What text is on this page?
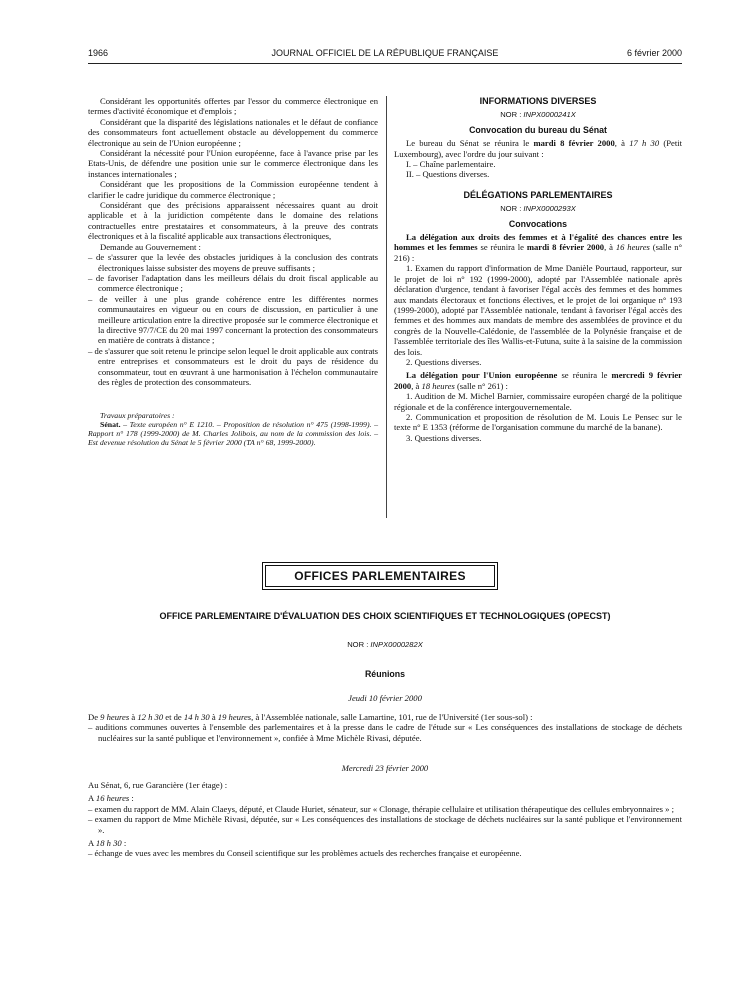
1966	JOURNAL OFFICIEL DE LA RÉPUBLIQUE FRANÇAISE	6 février 2000

Considérant les opportunités offertes par l'essor du commerce électronique en termes d'activité économique et d'emplois ;

Considérant que la disparité des législations nationales et le défaut de confiance des consommateurs font actuellement obstacle au développement du commerce électronique au sein de l'Union européenne ;

Considérant la nécessité pour l'Union européenne, face à l'avance prise par les Etats-Unis, de défendre une position unie sur le commerce électronique dans les instances internationales ;

Considérant que les propositions de la Commission européenne tendent à clarifier le cadre juridique du commerce électronique ;

Considérant que des précisions apparaissent nécessaires quant au droit applicable et à la juridiction compétente dans le domaine des relations contractuelles entre prestataires et consommateurs, à la preuve des contrats électroniques et à la fiscalité applicable aux transactions électroniques,

Demande au Gouvernement :

– de s'assurer que la levée des obstacles juridiques à la conclusion des contrats électroniques laisse subsister des moyens de preuve suffisants ;

– de favoriser l'adaptation dans les meilleurs délais du droit fiscal applicable au commerce électronique ;

– de veiller à une plus grande cohérence entre les différentes normes communautaires en vigueur ou en cours de discussion, en particulier à une meilleure articulation entre la directive proposée sur le commerce électronique et la directive 97/7/CE du 20 mai 1997 concernant la protection des consommateurs en matière de contrats à distance ;

– de s'assurer que soit retenu le principe selon lequel le droit applicable aux contrats entre entreprises et consommateurs est le droit du pays de résidence du consommateur, tout en œuvrant à une harmonisation à l'échelon communautaire des règles de protection des consommateurs.

Travaux préparatoires :

Sénat. – Texte européen n° E 1210. – Proposition de résolution n° 475 (1998-1999). – Rapport n° 178 (1999-2000) de M. Charles Jolibois, au nom de la commission des lois. – Est devenue résolution du Sénat le 5 février 2000 (TA n° 68, 1999-2000).

INFORMATIONS DIVERSES
NOR : INPX0000241X
Convocation du bureau du Sénat

Le bureau du Sénat se réunira le mardi 8 février 2000, à 17 h 30 (Petit Luxembourg), avec l'ordre du jour suivant :

I. – Chaîne parlementaire.

II. – Questions diverses.

DÉLÉGATIONS PARLEMENTAIRES
NOR : INPX0000293X
Convocations

La délégation aux droits des femmes et à l'égalité des chances entre les hommes et les femmes se réunira le mardi 8 février 2000, à 16 heures (salle n° 216) :

1. Examen du rapport d'information de Mme Danièle Pourtaud, rapporteur, sur le projet de loi n° 192 (1999-2000), adopté par l'Assemblée nationale après déclaration d'urgence, tendant à favoriser l'égal accès des femmes et des hommes aux mandats électoraux et fonctions électives, et le projet de loi organique n° 193 (1999-2000), adopté par l'Assemblée nationale, tendant à favoriser l'égal accès des femmes et des hommes aux mandats de membre des assemblées de province et du congrès de la Nouvelle-Calédonie, de l'assemblée de la Polynésie française et de l'assemblée territoriale des îles Wallis-et-Futuna, suite à la saisine de la commission des lois.

2. Questions diverses.

La délégation pour l'Union européenne se réunira le mercredi 9 février 2000, à 18 heures (salle n° 261) :

1. Audition de M. Michel Barnier, commissaire européen chargé de la politique régionale et de la conférence intergouvernementale.

2. Communication et proposition de résolution de M. Louis Le Pensec sur le texte n° E 1353 (réforme de l'organisation commune du marché de la banane).

3. Questions diverses.

OFFICES PARLEMENTAIRES
OFFICE PARLEMENTAIRE D'ÉVALUATION DES CHOIX SCIENTIFIQUES ET TECHNOLOGIQUES (OPECST)
NOR : INPX0000282X
Réunions
Jeudi 10 février 2000

De 9 heures à 12 h 30 et de 14 h 30 à 19 heures, à l'Assemblée nationale, salle Lamartine, 101, rue de l'Université (1er sous-sol) :

– auditions communes ouvertes à l'ensemble des parlementaires et à la presse dans le cadre de l'étude sur « Les conséquences des installations de stockage de déchets nucléaires sur la santé publique et l'environnement », confiée à Mme Michèle Rivasi, députée.

Mercredi 23 février 2000

Au Sénat, 6, rue Garancière (1er étage) :

A 16 heures :

– examen du rapport de MM. Alain Claeys, député, et Claude Huriet, sénateur, sur « Clonage, thérapie cellulaire et utilisation thérapeutique des cellules embryonnaires » ;

– examen du rapport de Mme Michèle Rivasi, députée, sur « Les conséquences des installations de stockage de déchets nucléaires sur la santé publique et l'environnement ».

A 18 h 30 :

– échange de vues avec les membres du Conseil scientifique sur les problèmes actuels des recherches française et européenne.
